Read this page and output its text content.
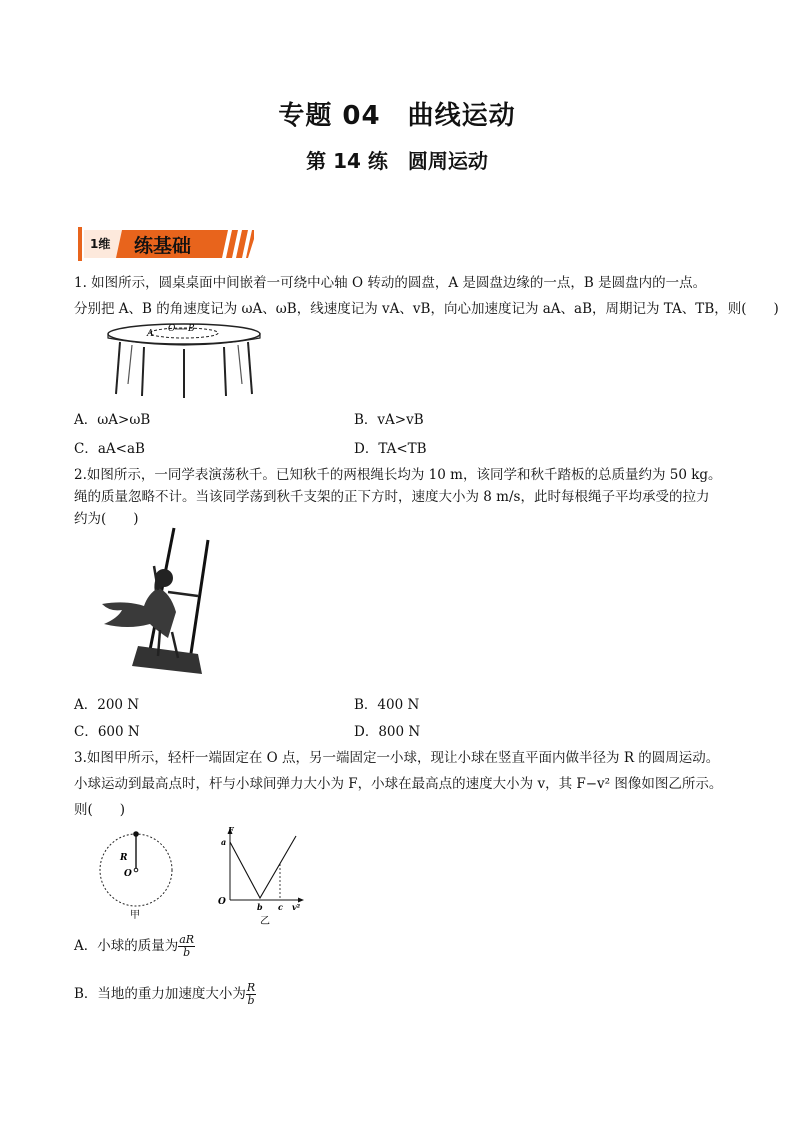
专题 04　曲线运动
第 14 练　圆周运动
1维 练基础
1. 如图所示，圆桌桌面中间嵌着一可绕中心轴 O 转动的圆盘，A 是圆盘边缘的一点，B 是圆盘内的一点。
分别把 A、B 的角速度记为 ωA、ωB，线速度记为 vA、vB，向心加速度记为 aA、aB，周期记为 TA、TB，则(　　)
A O B
A．ωA>ωB	B．vA>vB
C．aA<aB	D．TA<TB
2.如图所示，一同学表演荡秋千。已知秋千的两根绳长均为 10 m，该同学和秋千踏板的总质量约为 50 kg。
绳的质量忽略不计。当该同学荡到秋千支架的正下方时，速度大小为 8 m/s，此时每根绳子平均承受的拉力
约为(　　)
A．200 N	B．400 N
C．600 N	D．800 N
3.如图甲所示，轻杆一端固定在 O 点，另一端固定一小球，现让小球在竖直平面内做半径为 R 的圆周运动。
小球运动到最高点时，杆与小球间弹力大小为 F，小球在最高点的速度大小为 v，其 F−v² 图像如图乙所示。
则(　　)
R
O
甲
F
a
O	b c v²
乙
A．小球的质量为 $\frac{aR}{b}$
B．当地的重力加速度大小为 $\frac{R}{b}$
